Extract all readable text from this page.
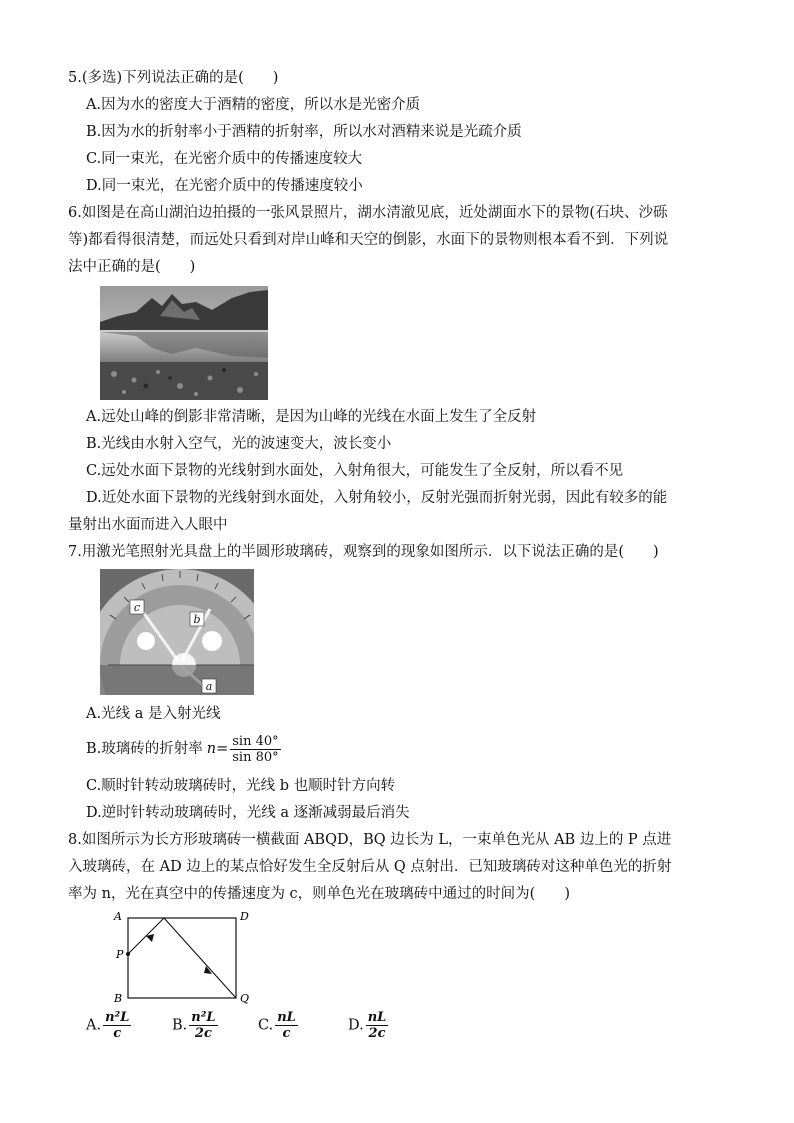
5.(多选)下列说法正确的是(　　)
A.因为水的密度大于酒精的密度，所以水是光密介质
B.因为水的折射率小于酒精的折射率，所以水对酒精来说是光疏介质
C.同一束光，在光密介质中的传播速度较大
D.同一束光，在光密介质中的传播速度较小
6.如图是在高山湖泊边拍摄的一张风景照片，湖水清澈见底，近处湖面水下的景物(石块、沙砾
等)都看得很清楚，而远处只看到对岸山峰和天空的倒影，水面下的景物则根本看不到．下列说
法中正确的是(　　)
A.远处山峰的倒影非常清晰，是因为山峰的光线在水面上发生了全反射
B.光线由水射入空气，光的波速变大，波长变小
C.远处水面下景物的光线射到水面处，入射角很大，可能发生了全反射，所以看不见
D.近处水面下景物的光线射到水面处，入射角较小，反射光强而折射光弱，因此有较多的能
量射出水面而进入人眼中
7.用激光笔照射光具盘上的半圆形玻璃砖，观察到的现象如图所示．以下说法正确的是(　　)
c
b
a
A.光线 a 是入射光线
B.玻璃砖的折射率 $n= \frac{\sin 40^\circ}{\sin 80^\circ}$
C.顺时针转动玻璃砖时，光线 b 也顺时针方向转
D.逆时针转动玻璃砖时，光线 a 逐渐减弱最后消失
8.如图所示为长方形玻璃砖一横截面 ABQD，BQ 边长为 L，一束单色光从 AB 边上的 P 点进
入玻璃砖，在 AD 边上的某点恰好发生全反射后从 Q 点射出．已知玻璃砖对这种单色光的折射
率为 n，光在真空中的传播速度为 c，则单色光在玻璃砖中通过的时间为(　　)
A	D
P
B	Q
A. $\frac{\text{n²L}}{c}$	B. $\frac{\text{n²L}}{2c}$	C. $\frac{nL}{c}$	D. $\frac{nL}{2c}$
